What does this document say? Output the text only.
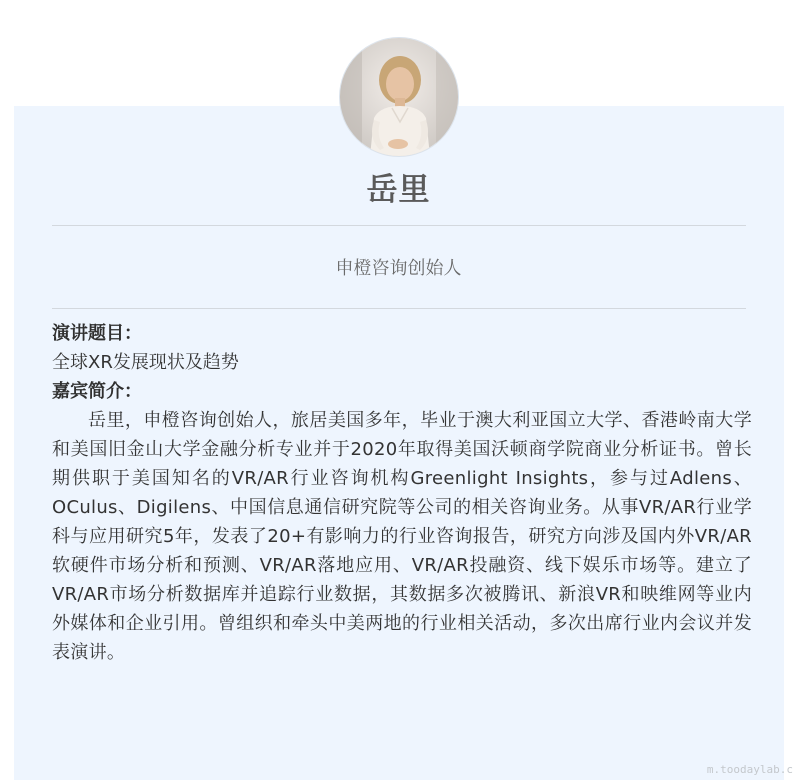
岳里
申橙咨询创始人
演讲题目：
全球XR发展现状及趋势
嘉宾简介：
岳里，申橙咨询创始人，旅居美国多年，毕业于澳大利亚国立大学、香港岭南大学和美国旧金山大学金融分析专业并于2020年取得美国沃顿商学院商业分析证书。曾长期供职于美国知名的VR/AR行业咨询机构Greenlight Insights，参与过Adlens、OCulus、Digilens、中国信息通信研究院等公司的相关咨询业务。从事VR/AR行业学科与应用研究5年，发表了20+有影响力的行业咨询报告，研究方向涉及国内外VR/AR软硬件市场分析和预测、VR/AR落地应用、VR/AR投融资、线下娱乐市场等。建立了VR/AR市场分析数据库并追踪行业数据，其数据多次被腾讯、新浪VR和映维网等业内外媒体和企业引用。曾组织和牵头中美两地的行业相关活动，多次出席行业内会议并发表演讲。
m.toodaylab.c
